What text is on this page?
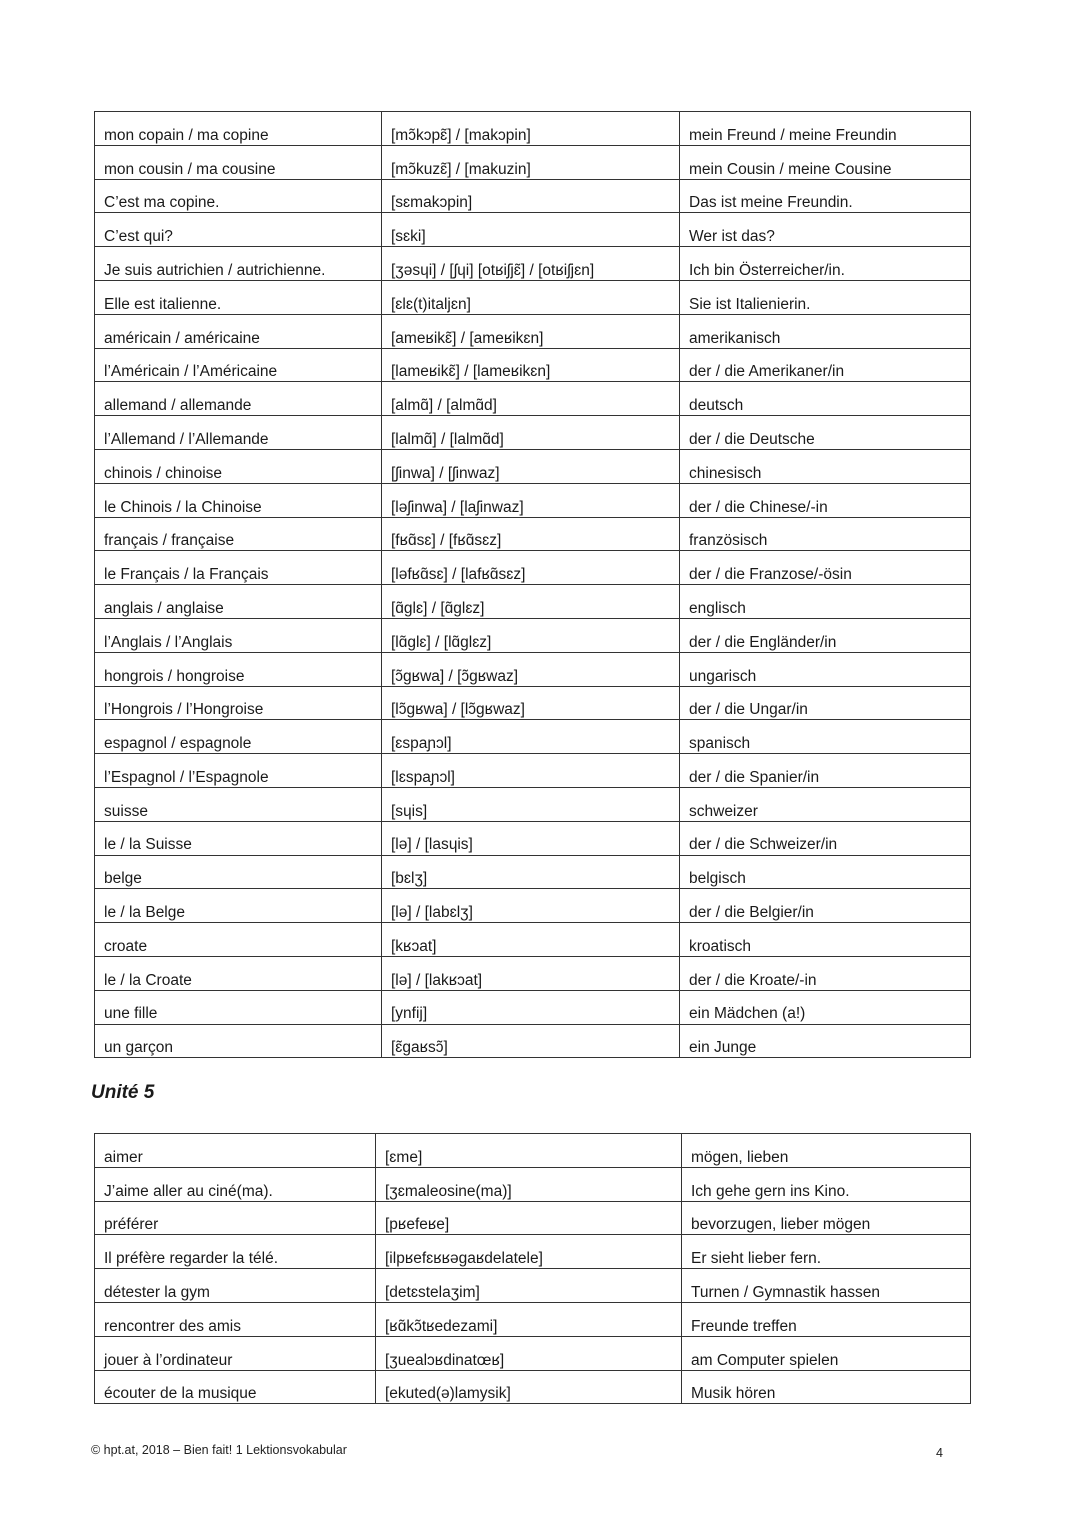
mon copain / ma copine	[mɔ̃kɔpɛ̃] / [makɔpin]	mein Freund / meine Freundin
mon cousin / ma cousine	[mɔ̃kuzɛ̃] / [makuzin]	mein Cousin / meine Cousine
C’est ma copine.	[sɛmakɔpin]	Das ist meine Freundin.
C’est qui?	[sɛki]	Wer ist das?
Je suis autrichien / autrichienne.	[ʒəsɥi] / [ʃɥi] [otʁiʃjɛ̃] / [otʁiʃjɛn]	Ich bin Österreicher/in.
Elle est italienne.	[ɛlɛ(t)italjɛn]	Sie ist Italienierin.
américain / américaine	[ameʁikɛ̃] / [ameʁikɛn]	amerikanisch
l’Américain / l’Américaine	[lameʁikɛ̃] / [lameʁikɛn]	der / die Amerikaner/in
allemand / allemande	[almɑ̃] / [almɑ̃d]	deutsch
l’Allemand / l’Allemande	[lalmɑ̃] / [lalmɑ̃d]	der / die Deutsche
chinois / chinoise	[ʃinwa] / [ʃinwaz]	chinesisch
le Chinois / la Chinoise	[ləʃinwa] / [laʃinwaz]	der / die Chinese/-in
français / française	[fʁɑ̃sɛ] / [fʁɑ̃sɛz]	französisch
le Français / la Français	[ləfʁɑ̃sɛ] / [lafʁɑ̃sɛz]	der / die Franzose/-ösin
anglais / anglaise	[ɑ̃glɛ] / [ɑ̃glɛz]	englisch
l’Anglais / l’Anglais	[lɑ̃glɛ] / [lɑ̃glɛz]	der / die Engländer/in
hongrois / hongroise	[ɔ̃gʁwa] / [ɔ̃gʁwaz]	ungarisch
l’Hongrois / l’Hongroise	[lɔ̃gʁwa] / [lɔ̃gʁwaz]	der / die Ungar/in
espagnol / espagnole	[ɛspaɲɔl]	spanisch
l’Espagnol / l’Espagnole	[lɛspaɲɔl]	der / die Spanier/in
suisse	[sɥis]	schweizer
le / la Suisse	[lə] / [lasɥis]	der / die Schweizer/in
belge	[bɛlʒ]	belgisch
le / la Belge	[lə] / [labɛlʒ]	der / die Belgier/in
croate	[kʁɔat]	kroatisch
le / la Croate	[lə] / [lakʁɔat]	der / die Kroate/-in
une fille	[ynfij]	ein Mädchen (a!)
un garçon	[ɛ̃gaʁsɔ̃]	ein Junge
Unité 5
aimer	[ɛme]	mögen, lieben
J’aime aller au ciné(ma).	[ʒɛmaleosine(ma)]	Ich gehe gern ins Kino.
préférer	[pʁefeʁe]	bevorzugen, lieber mögen
Il préfère regarder la télé.	[ilpʁefɛʁʁəgaʁdelatele]	Er sieht lieber fern.
détester la gym	[detɛstelaʒim]	Turnen / Gymnastik hassen
rencontrer des amis	[ʁɑ̃kɔ̃tʁedezami]	Freunde treffen
jouer à l’ordinateur	[ʒuealɔʁdinatœʁ]	am Computer spielen
écouter de la musique	[ekuted(ə)lamysik]	Musik hören
© hpt.at, 2018 – Bien fait! 1 Lektionsvokabular	4
